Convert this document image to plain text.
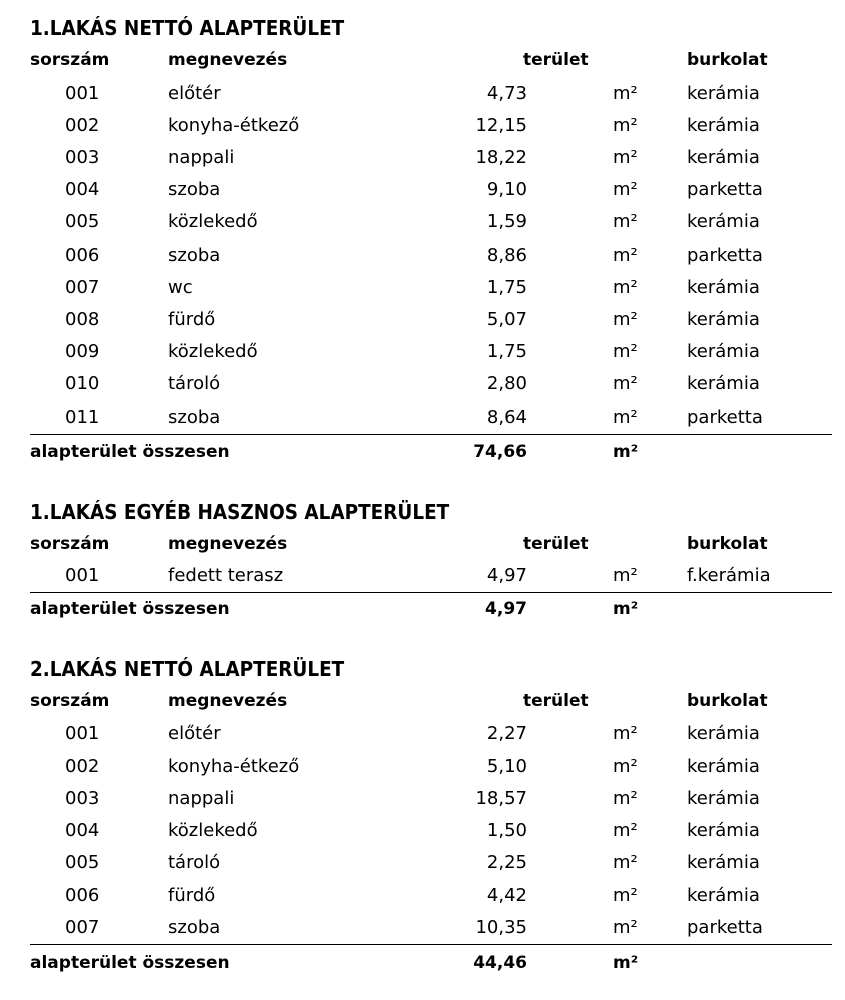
1.LAKÁS NETTÓ ALAPTERÜLET
sorszám	megnevezés	terület	burkolat
001	előtér	4,73	m²	kerámia
002	konyha-étkező	12,15	m²	kerámia
003	nappali	18,22	m²	kerámia
004	szoba	9,10	m²	parketta
005	közlekedő	1,59	m²	kerámia
006	szoba	8,86	m²	parketta
007	wc	1,75	m²	kerámia
008	fürdő	5,07	m²	kerámia
009	közlekedő	1,75	m²	kerámia
010	tároló	2,80	m²	kerámia
011	szoba	8,64	m²	parketta
alapterület összesen	74,66	m²
1.LAKÁS EGYÉB HASZNOS ALAPTERÜLET
sorszám	megnevezés	terület	burkolat
001	fedett terasz	4,97	m²	f.kerámia
alapterület összesen	4,97	m²
2.LAKÁS NETTÓ ALAPTERÜLET
sorszám	megnevezés	terület	burkolat
001	előtér	2,27	m²	kerámia
002	konyha-étkező	5,10	m²	kerámia
003	nappali	18,57	m²	kerámia
004	közlekedő	1,50	m²	kerámia
005	tároló	2,25	m²	kerámia
006	fürdő	4,42	m²	kerámia
007	szoba	10,35	m²	parketta
alapterület összesen	44,46	m²
